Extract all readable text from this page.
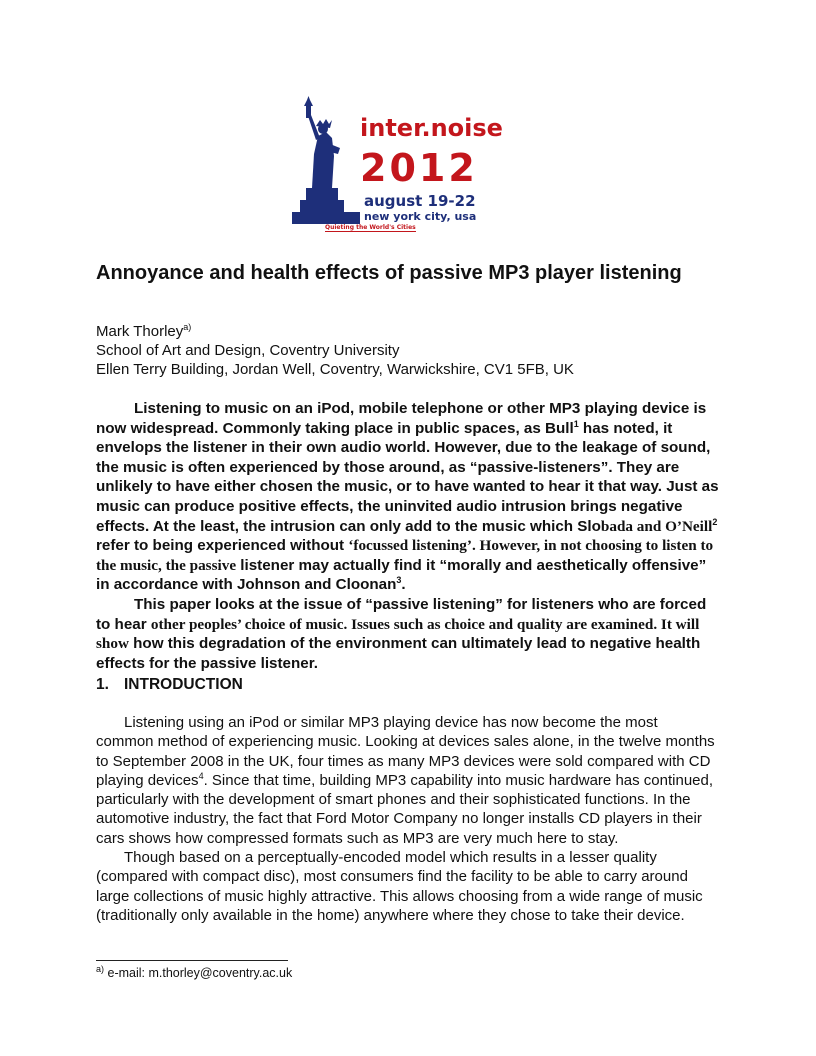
inter.noise
2012
august 19-22
new york city, usa
Quieting the World's Cities
Annoyance and health effects of passive MP3 player listening
Mark Thorley$^{a)}$
School of Art and Design, Coventry University
Ellen Terry Building, Jordan Well, Coventry, Warwickshire, CV1 5FB, UK

Listening to music on an iPod, mobile telephone or other MP3 playing device is now widespread. Commonly taking place in public spaces, as Bull$^1$ has noted, it envelops the listener in their own audio world. However, due to the leakage of sound, the music is often experienced by those around, as “passive-listeners”. They are unlikely to have either chosen the music, or to have wanted to hear it that way. Just as music can produce positive effects, the uninvited audio intrusion brings negative effects. At the least, the intrusion can only add to the music which Slobada and O’Neill$^2$ refer to being experienced without ‘focussed listening’. However, in not choosing to listen to the music, the passive listener may actually find it “morally and aesthetically offensive” in accordance with Johnson and Cloonan$^3$.

This paper looks at the issue of “passive listening” for listeners who are forced to hear other peoples’ choice of music. Issues such as choice and quality are examined. It will show how this degradation of the environment can ultimately lead to negative health effects for the passive listener.

1. INTRODUCTION

Listening using an iPod or similar MP3 playing device has now become the most common method of experiencing music. Looking at devices sales alone, in the twelve months to September 2008 in the UK, four times as many MP3 devices were sold compared with CD playing devices$^4$. Since that time, building MP3 capability into music hardware has continued, particularly with the development of smart phones and their sophisticated functions. In the automotive industry, the fact that Ford Motor Company no longer installs CD players in their cars shows how compressed formats such as MP3 are very much here to stay.

Though based on a perceptually-encoded model which results in a lesser quality (compared with compact disc), most consumers find the facility to be able to carry around large collections of music highly attractive. This allows choosing from a wide range of music (traditionally only available in the home) anywhere where they chose to take their device.

$^{a)}$ e-mail: m.thorley@coventry.ac.uk
